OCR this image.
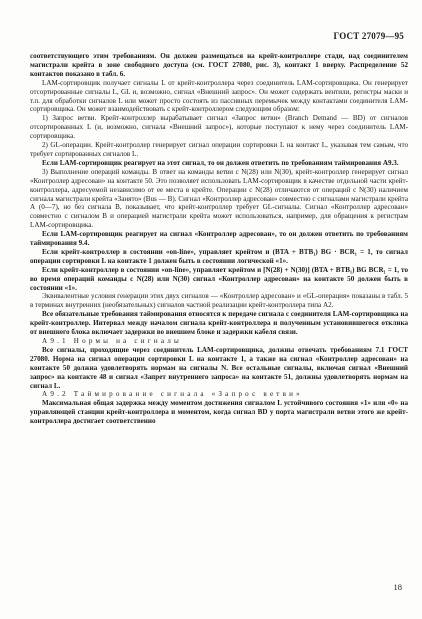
ГОСТ 27079—95

соответствующего этим требованиям. Он должен размещаться на крейт-контроллере стади, над соединителем магистрали крейта в зоне свободного доступа (см. ГОСТ 27080, рис. 3), контакт 1 вверху. Распределение 52 контактов показано в табл. 6.

LAM-сортировщик получает сигналы L от крейт-контроллера через соединитель LAM-сортировщика. Он генерирует отсортированные сигналы L, GL и, возможно, сигнал «Внешний запрос». Он может содержать вентили, регистры маски и т.п. для обработки сигналов L или может просто состоять из пассивных перемычек между контактами соединителя LAM-сортировщика. Он может взаимодействовать с крейт-контроллером следующим образом:

1) Запрос ветви. Крейт-контроллер вырабатывает сигнал «Запрос ветви» (Branch Demand — BD) от сигналов отсортированных L (и, возможно, сигнала «Внешний запрос»), которые поступают к нему через соединитель LAM-сортировщика.

2) GL-операции. Крейт-контроллер генерирует сигнал операции сортировки L на контакт L, указывая тем самым, что требует сортированных сигналов L.

Если LAM-сортировщик реагирует на этот сигнал, то он должен ответить по требованиям таймирования А9.3.

3) Выполнение операций команды. В ответ на команды ветви с N(28) или N(30), крейт-контроллер генерирует сигнал «Контроллер адресован» на контакте 50. Это позволяет использовать LAM-сортировщик в качестве отдельной части крейт-контроллера, адресуемой независимо от ее места в крейте. Операции с N(28) отличаются от операций с N(30) наличием сигнала магистрали крейта «Занято» (Bus — B). Сигнал «Контроллер адресован» совместно с сигналами магистрали крейта А (0—7), но без сигнала B, показывает, что крейт-контроллер требует GL-сигналы. Сигнал «Контроллер адресован» совместно с сигналом B и операцией магистрали крейта может использоваться, например, для обращения к регистрам LAM-сортировщика.

Если LAM-сортировщик реагирует на сигнал «Контроллер адресован», то он должен ответить по требованиям таймирования 9.4.

Если крейт-контроллер в состоянии «on-line», управляет крейтом и (BTA + BTB₁) BG · BCR₁ = 1, то сигнал операции сортировки L на контакте 1 должен быть в состоянии логической «1».

Если крейт-контроллер в состоянии «on-line», управляет крейтом и [N(28) + N(30)] (BTA + BTB₁) BG BCR₁ = 1, то во время операций команды с N(28) или N(30) сигнал «Контроллер адресован» на контакте 50 должен быть в состоянии «1».

Эквивалентные условия генерации этих двух сигналов — «Контроллер адресован» и «GL-операция» показаны в табл. 5 в терминах внутренних (необязательных) сигналов частной реализации крейт-контроллера типа А2.

Все обязательные требования таймирования относятся к передаче сигнала с соединителя LAM-сортировщика на крейт-контроллер. Интервал между началом сигнала крейт-контроллера и полученным установившегося отклика от внешнего блока включает задержки во внешнем блоке и задержки кабеля связи.

А9.1 Нормы на сигналы

Все сигналы, проходящие через соединитель LAM-сортировщика, должны отвечать требованиям 7.1 ГОСТ 27080. Норма на сигнал операции сортировки L на контакте 1, а также на сигнал «Контроллер адресован» на контакте 50 должна удовлетворять нормам на сигналы N. Все остальные сигналы, включая сигнал «Внешний запрос» на контакте 48 и сигнал «Запрет внутреннего запроса» на контакте 51, должны удовлетворять нормам на сигнал L.

А9.2 Таймирование сигнала «Запрос ветви»

Максимальная общая задержка между моментом достижения сигналом L устойчивого состояния «1» или «0» на управляющей станции крейт-контроллера и моментом, когда сигнал BD у порта магистрали ветви этого же крейт-контроллера достигает соответственно

18
